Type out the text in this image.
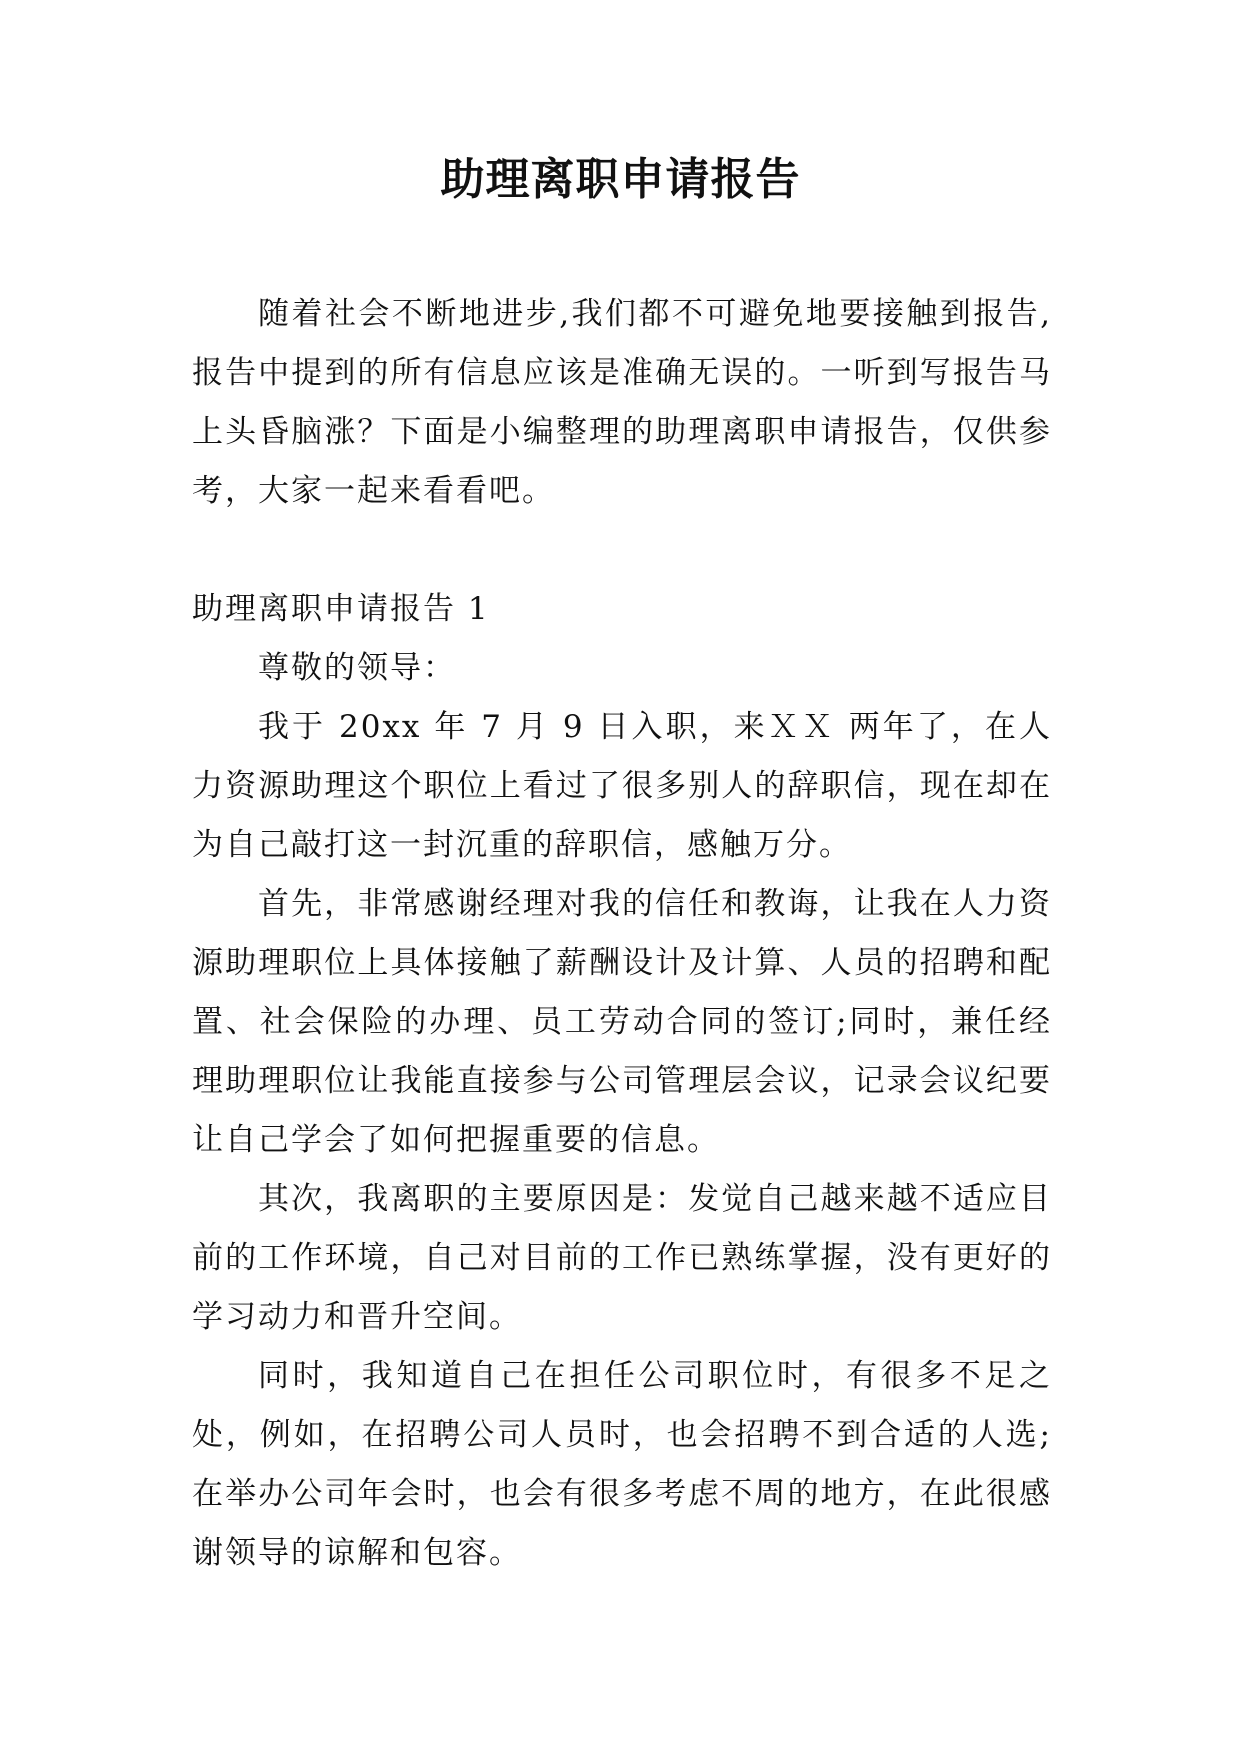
助理离职申请报告

随着社会不断地进步,我们都不可避免地要接触到报告,报告中提到的所有信息应该是准确无误的。一听到写报告马上头昏脑涨？下面是小编整理的助理离职申请报告，仅供参考，大家一起来看看吧。

助理离职申请报告 1

尊敬的领导：

我于 20xx 年 7 月 9 日入职，来ＸＸ 两年了，在人力资源助理这个职位上看过了很多别人的辞职信，现在却在为自己敲打这一封沉重的辞职信，感触万分。

首先，非常感谢经理对我的信任和教诲，让我在人力资源助理职位上具体接触了薪酬设计及计算、人员的招聘和配置、社会保险的办理、员工劳动合同的签订;同时，兼任经理助理职位让我能直接参与公司管理层会议，记录会议纪要让自己学会了如何把握重要的信息。

其次，我离职的主要原因是：发觉自己越来越不适应目前的工作环境，自己对目前的工作已熟练掌握，没有更好的学习动力和晋升空间。

同时，我知道自己在担任公司职位时，有很多不足之处，例如，在招聘公司人员时，也会招聘不到合适的人选;在举办公司年会时，也会有很多考虑不周的地方，在此很感谢领导的谅解和包容。
